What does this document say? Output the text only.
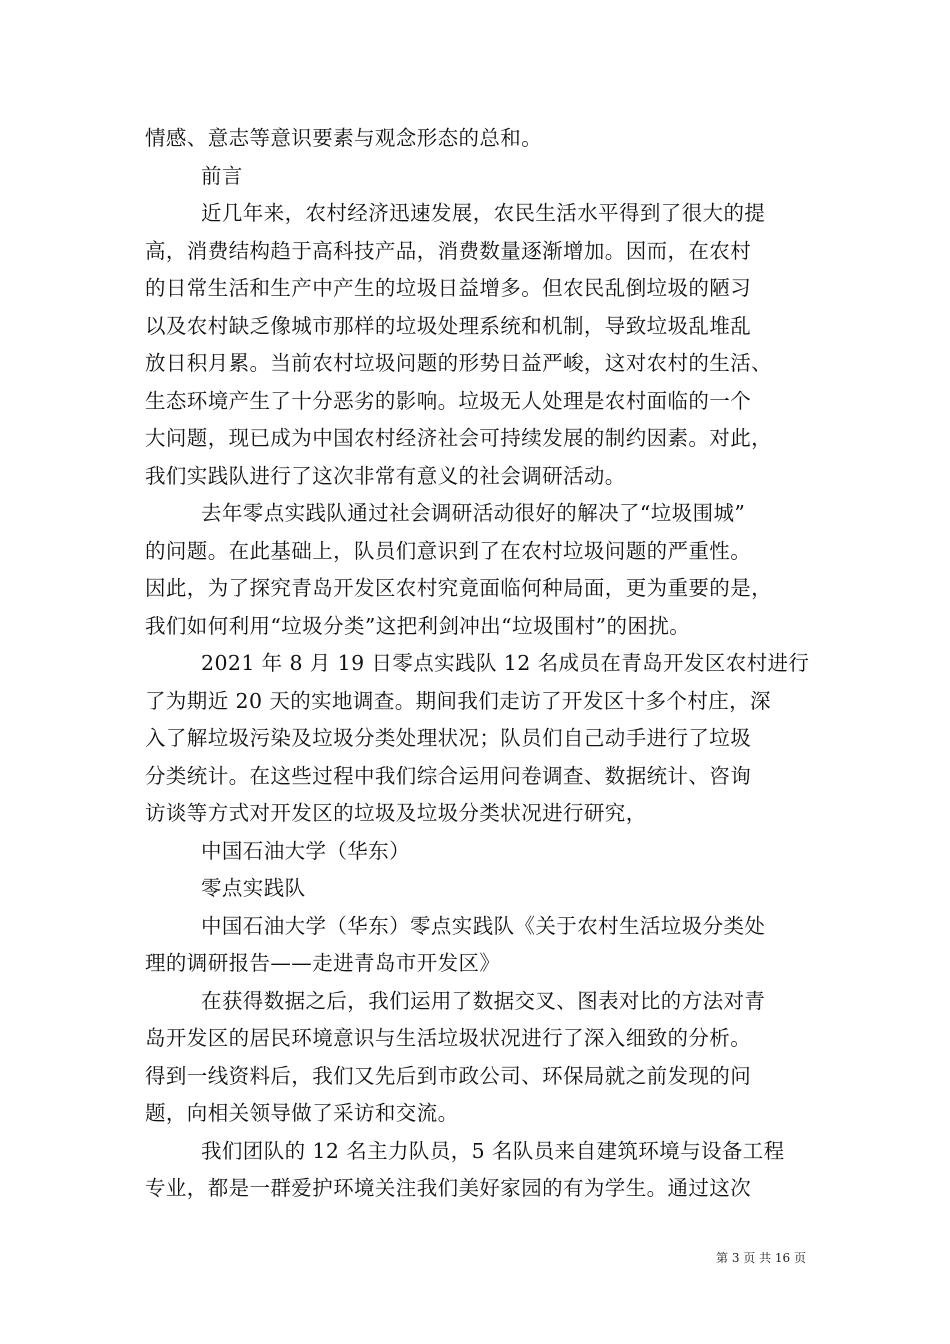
情感、意志等意识要素与观念形态的总和。
前言
近几年来，农村经济迅速发展，农民生活水平得到了很大的提
高，消费结构趋于高科技产品，消费数量逐渐增加。因而，在农村
的日常生活和生产中产生的垃圾日益增多。但农民乱倒垃圾的陋习
以及农村缺乏像城市那样的垃圾处理系统和机制，导致垃圾乱堆乱
放日积月累。当前农村垃圾问题的形势日益严峻，这对农村的生活、
生态环境产生了十分恶劣的影响。垃圾无人处理是农村面临的一个
大问题，现已成为中国农村经济社会可持续发展的制约因素。对此，
我们实践队进行了这次非常有意义的社会调研活动。
去年零点实践队通过社会调研活动很好的解决了“垃圾围城”
的问题。在此基础上，队员们意识到了在农村垃圾问题的严重性。
因此，为了探究青岛开发区农村究竟面临何种局面，更为重要的是，
我们如何利用“垃圾分类”这把利剑冲出“垃圾围村”的困扰。
2021 年 8 月 19 日零点实践队 12 名成员在青岛开发区农村进行
了为期近 20 天的实地调查。期间我们走访了开发区十多个村庄，深
入了解垃圾污染及垃圾分类处理状况；队员们自己动手进行了垃圾
分类统计。在这些过程中我们综合运用问卷调查、数据统计、咨询
访谈等方式对开发区的垃圾及垃圾分类状况进行研究，
中国石油大学（华东）
零点实践队
中国石油大学（华东）零点实践队《关于农村生活垃圾分类处
理的调研报告——走进青岛市开发区》
在获得数据之后，我们运用了数据交叉、图表对比的方法对青
岛开发区的居民环境意识与生活垃圾状况进行了深入细致的分析。
得到一线资料后，我们又先后到市政公司、环保局就之前发现的问
题，向相关领导做了采访和交流。
我们团队的 12 名主力队员，5 名队员来自建筑环境与设备工程
专业，都是一群爱护环境关注我们美好家园的有为学生。通过这次
第 3 页 共 16 页
